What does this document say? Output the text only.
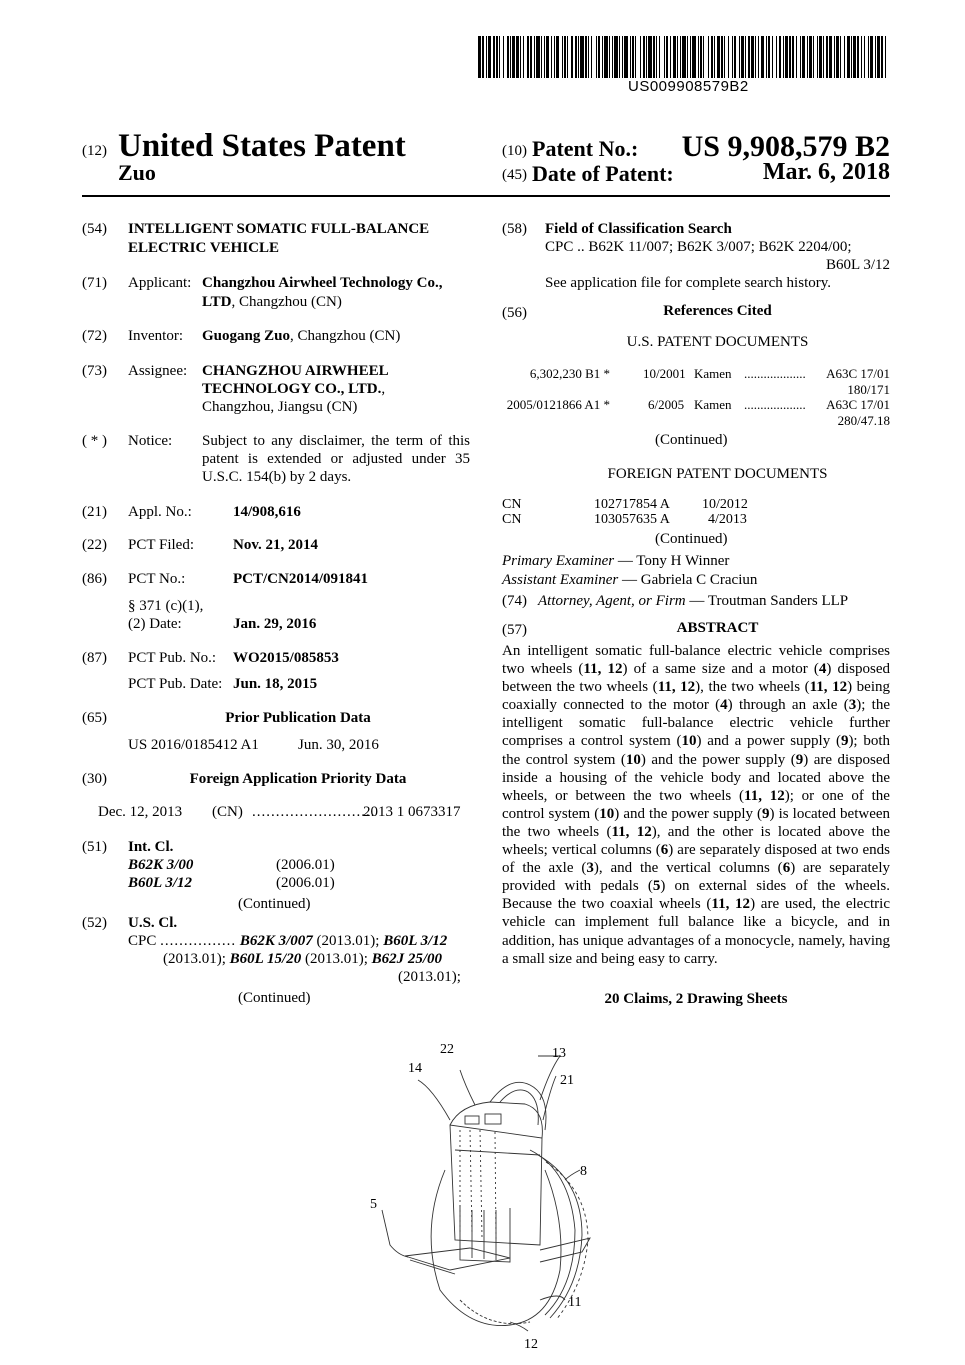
US009908579B2
(12) United States Patent
Zuo
(10) Patent No.: US 9,908,579 B2
(45) Date of Patent:	Mar. 6, 2018
(54) INTELLIGENT SOMATIC FULL-BALANCE
ELECTRIC VEHICLE
(71) Applicant: Changzhou Airwheel Technology Co.,
LTD, Changzhou (CN)
(72) Inventor: Guogang Zuo, Changzhou (CN)
(73) Assignee: CHANGZHOU AIRWHEEL
TECHNOLOGY CO., LTD.,
Changzhou, Jiangsu (CN)
( * ) Notice: Subject to any disclaimer, the term of this
patent is extended or adjusted under 35
U.S.C. 154(b) by 2 days.
(21) Appl. No.:	14/908,616
(22) PCT Filed:	Nov. 21, 2014
(86) PCT No.:	PCT/CN2014/091841
§ 371 (c)(1),
(2) Date:	Jan. 29, 2016
(87) PCT Pub. No.: WO2015/085853
PCT Pub. Date: Jun. 18, 2015
(65)	Prior Publication Data
US 2016/0185412 A1	Jun. 30, 2016
(30)	Foreign Application Priority Data
Dec. 12, 2013 (CN) ..........................
2013 1 0673317
(51) Int. Cl.
B62K 3/00	(2006.01)
B60L 3/12	(2006.01)
(Continued)
(52) U.S. Cl.
CPC ................ B62K 3/007 (2013.01); B60L 3/12
(2013.01); B60L 15/20 (2013.01); B62J 25/00
(2013.01);
(Continued)
(58) Field of Classification Search
CPC .. B62K 11/007; B62K 3/007; B62K 2204/00;
B60L 3/12
See application file for complete search history.
(56)	References Cited
U.S. PATENT DOCUMENTS
6,302,230 B1 *	10/2001 Kamen ................... A63C 17/01
180/171
2005/0121866 A1 *	6/2005 Kamen ................... A63C 17/01
280/47.18
(Continued)
FOREIGN PATENT DOCUMENTS
CN	102717854 A 10/2012
CN	103057635 A	4/2013
(Continued)
Primary Examiner — Tony H Winner
Assistant Examiner — Gabriela C Craciun
(74) Attorney, Agent, or Firm — Troutman Sanders LLP
(57)	ABSTRACT
An intelligent somatic full-balance electric vehicle comprises two wheels (11, 12) of a same size and a motor (4) disposed between the two wheels (11, 12), the two wheels (11, 12) being coaxially connected to the motor (4) through an axle (3); the intelligent somatic full-balance electric vehicle further comprises a control system (10) and a power supply (9); both the control system (10) and the power supply (9) are disposed inside a housing of the vehicle body and located above the wheels, or between the two wheels (11, 12); or one of the control system (10) and the power supply (9) is located between the two wheels (11, 12), and the other is located above the wheels; vertical columns (6) are separately disposed at two ends of the axle (3), and the vertical columns (6) are separately provided with pedals (5) on external sides of the wheels. Because the two coaxial wheels (11, 12) are used, the electric vehicle can implement full balance like a bicycle, and in addition, has unique advantages of a monocycle, namely, having a small size and being easy to carry.
20 Claims, 2 Drawing Sheets
22
14
13
21
8
5
11
12
